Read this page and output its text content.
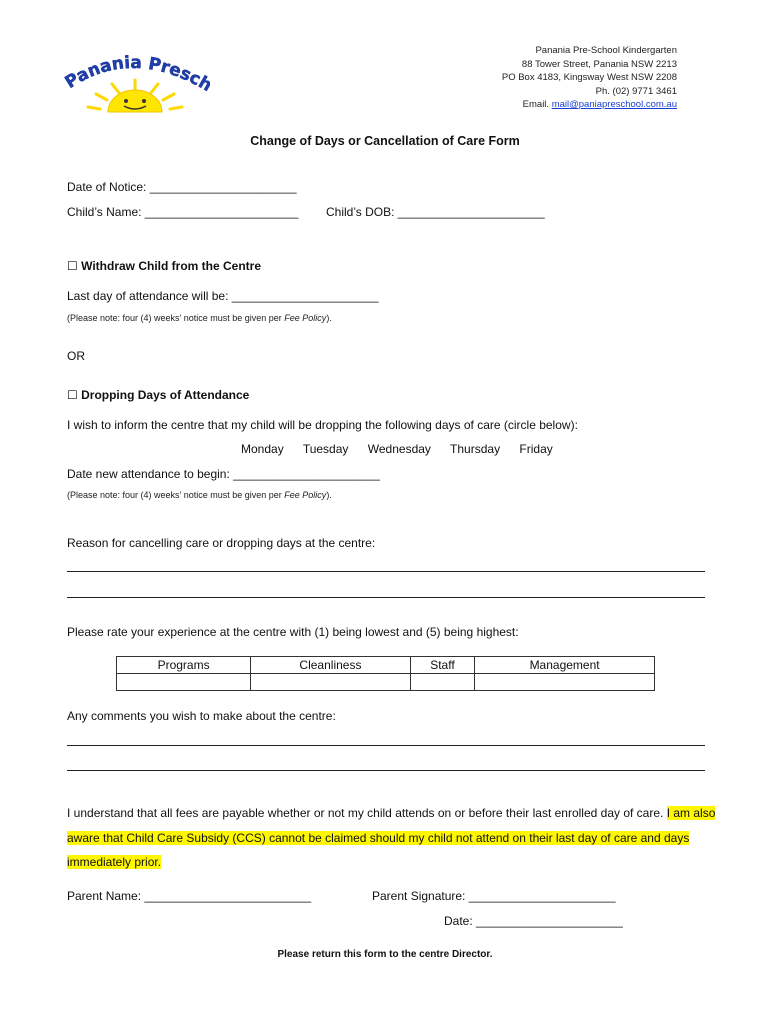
Panania Presc
Panania Pre-School Kindergarten
88 Tower Street, Panania NSW 2213
PO Box 4183, Kingsway West NSW 2208
Ph. (02) 9771 3461
Email. mail@paniapreschool.com.au
Change of Days or Cancellation of Care Form
Date of Notice: ______________________
Child’s Name: _______________________ Child’s DOB: ______________________
☐ Withdraw Child from the Centre
Last day of attendance will be: ______________________
(Please note: four (4) weeks’ notice must be given per Fee Policy).
OR
☐ Dropping Days of Attendance
I wish to inform the centre that my child will be dropping the following days of care (circle below):
Monday Tuesday Wednesday Thursday Friday
Date new attendance to begin: ______________________
(Please note: four (4) weeks’ notice must be given per Fee Policy).
Reason for cancelling care or dropping days at the centre:
Please rate your experience at the centre with (1) being lowest and (5) being highest:
Programs	Cleanliness	Staff	Management

Any comments you wish to make about the centre:
I understand that all fees are payable whether or not my child attends on or before their last enrolled day of care. I am also aware that Child Care Subsidy (CCS) cannot be claimed should my child not attend on their last day of care and days immediately prior.
Parent Name: _________________________	Parent Signature: ______________________
Date: ______________________
Please return this form to the centre Director.
